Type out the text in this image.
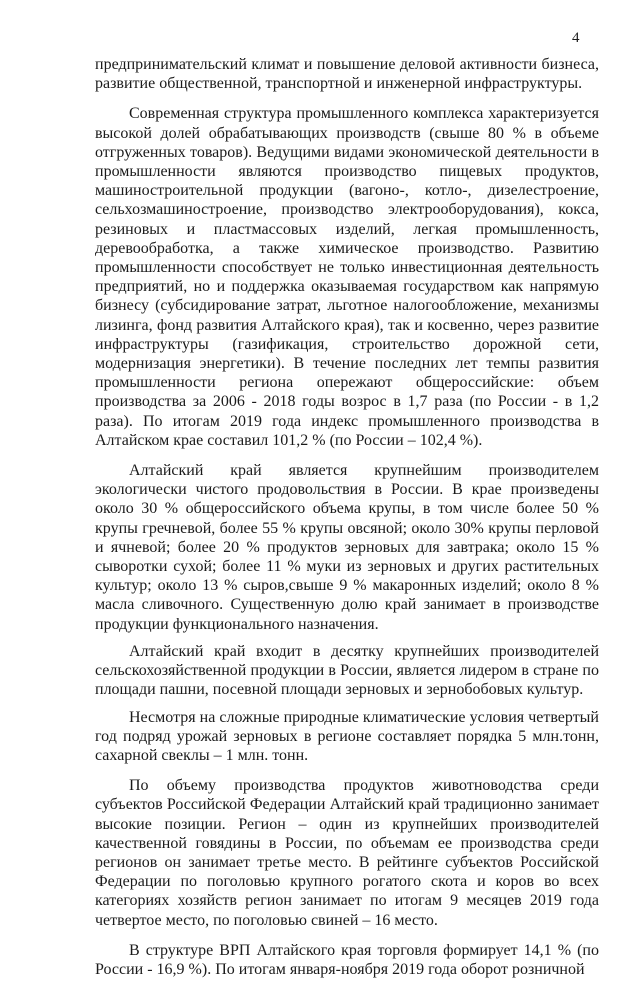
4

предпринимательский климат и повышение деловой активности бизнеса, развитие общественной, транспортной и инженерной инфраструктуры.

Современная структура промышленного комплекса характеризуется высокой долей обрабатывающих производств (свыше 80 % в объеме отгруженных товаров). Ведущими видами экономической деятельности в промышленности являются производство пищевых продуктов, машиностроительной продукции (вагоно-, котло-, дизелестроение, сельхозмашиностроение, производство электрооборудования), кокса, резиновых и пластмассовых изделий, легкая промышленность, деревообработка, а также химическое производство. Развитию промышленности способствует не только инвестиционная деятельность предприятий, но и поддержка оказываемая государством как напрямую бизнесу (субсидирование затрат, льготное налогообложение, механизмы лизинга, фонд развития Алтайского края), так и косвенно, через развитие инфраструктуры (газификация, строительство дорожной сети, модернизация энергетики). В течение последних лет темпы развития промышленности региона опережают общероссийские: объем производства за 2006 - 2018 годы возрос в 1,7 раза (по России - в 1,2 раза). По итогам 2019 года индекс промышленного производства в Алтайском крае составил 101,2 % (по России – 102,4 %).

Алтайский край является крупнейшим производителем экологически чистого продовольствия в России. В крае произведены около 30 % общероссийского объема крупы, в том числе более 50 % крупы гречневой, более 55 % крупы овсяной; около 30% крупы перловой и ячневой; более 20 % продуктов зерновых для завтрака; около 15 % сыворотки сухой; более 11 % муки из зерновых и других растительных культур; около 13 % сыров,свыше 9 % макаронных изделий; около 8 % масла сливочного. Существенную долю край занимает в производстве продукции функционального назначения.

Алтайский край входит в десятку крупнейших производителей сельскохозяйственной продукции в России, является лидером в стране по площади пашни, посевной площади зерновых и зернобобовых культур.

Несмотря на сложные природные климатические условия четвертый год подряд урожай зерновых в регионе составляет порядка 5 млн.тонн, сахарной свеклы – 1 млн. тонн.

По объему производства продуктов животноводства среди субъектов Российской Федерации Алтайский край традиционно занимает высокие позиции. Регион – один из крупнейших производителей качественной говядины в России, по объемам ее производства среди регионов он занимает третье место. В рейтинге субъектов Российской Федерации по поголовью крупного рогатого скота и коров во всех категориях хозяйств регион занимает по итогам 9 месяцев 2019 года четвертое место, по поголовью свиней – 16 место.

В структуре ВРП Алтайского края торговля формирует 14,1 % (по России - 16,9 %). По итогам января-ноября 2019 года оборот розничной
